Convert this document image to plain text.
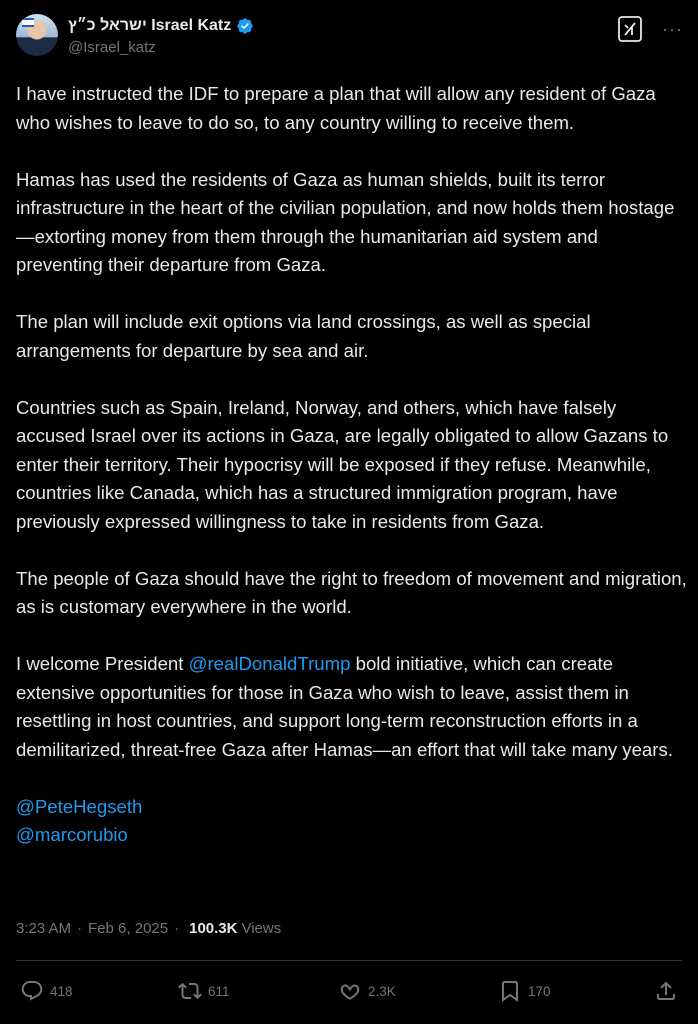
ישראל כ״ץ Israel Katz
@Israel_katz
···

I have instructed the IDF to prepare a plan that will allow any resident of Gaza who wishes to leave to do so, to any country willing to receive them.

Hamas has used the residents of Gaza as human shields, built its terror infrastructure in the heart of the civilian population, and now holds them hostage—extorting money from them through the humanitarian aid system and preventing their departure from Gaza.

The plan will include exit options via land crossings, as well as special arrangements for departure by sea and air.

Countries such as Spain, Ireland, Norway, and others, which have falsely accused Israel over its actions in Gaza, are legally obligated to allow Gazans to enter their territory. Their hypocrisy will be exposed if they refuse. Meanwhile, countries like Canada, which has a structured immigration program, have previously expressed willingness to take in residents from Gaza.

The people of Gaza should have the right to freedom of movement and migration, as is customary everywhere in the world.

I welcome President @realDonaldTrump bold initiative, which can create extensive opportunities for those in Gaza who wish to leave, assist them in resettling in host countries, and support long-term reconstruction efforts in a demilitarized, threat-free Gaza after Hamas—an effort that will take many years.

@PeteHegseth
@marcorubio

3:23 AM · Feb 6, 2025 · 100.3K Views
418	611	2.3K	170
